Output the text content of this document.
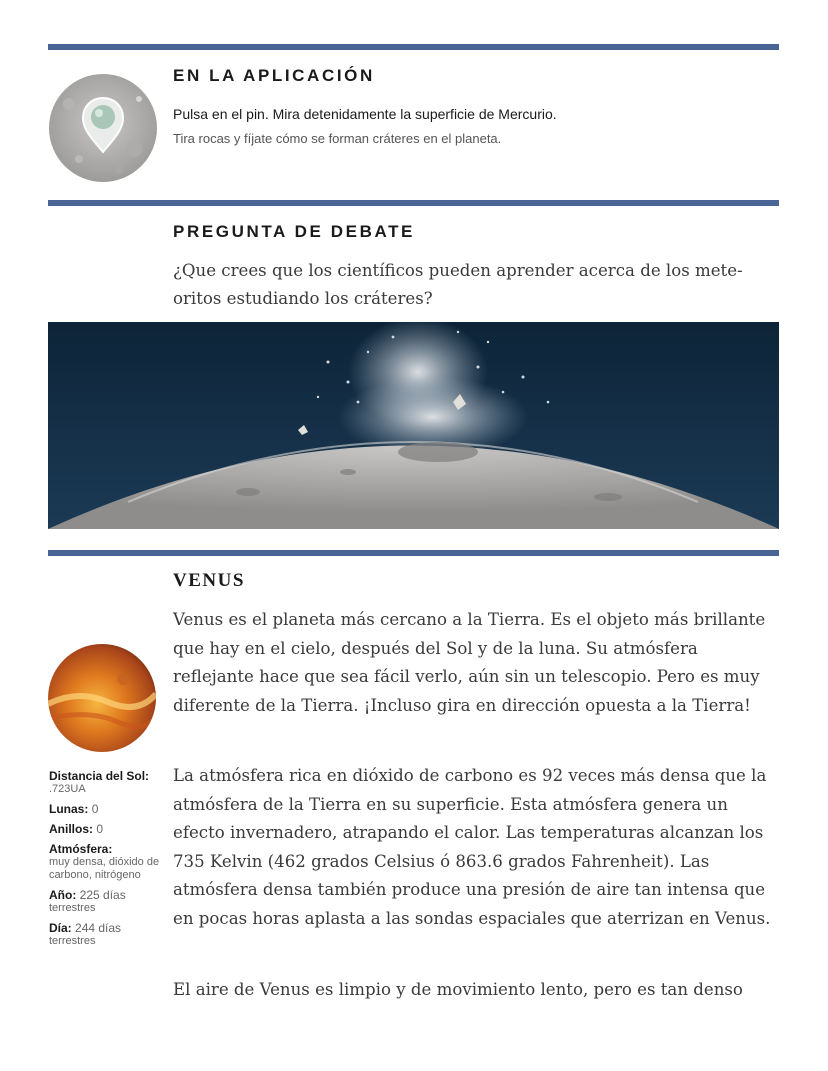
EN LA APLICACIÓN
Pulsa en el pin. Mira detenidamente la superficie de Mercurio.
Tira rocas y fíjate cómo se forman cráteres en el planeta.
PREGUNTA DE DEBATE

¿Que crees que los científicos pueden aprender acerca de los mete-

oritos estudiando los cráteres?

VENUS

Venus es el planeta más cercano a la Tierra. Es el objeto más brillante que hay en el cielo, después del Sol y de la luna. Su atmósfera reflejante hace que sea fácil verlo, aún sin un telescopio. Pero es muy diferente de la Tierra. ¡Incluso gira en dirección opuesta a la Tierra!

La atmósfera rica en dióxido de carbono es 92 veces más densa que la atmósfera de la Tierra en su superficie. Esta atmósfera genera un efecto invernadero, atrapando el calor. Las temperaturas alcanzan los 735 Kelvin (462 grados Celsius ó 863.6 grados Fahrenheit). Las atmósfera densa también produce una presión de aire tan intensa que en pocas horas aplasta a las sondas espaciales que aterrizan en Venus.

El aire de Venus es limpio y de movimiento lento, pero es tan denso

Distancia del Sol:
.723UA
Lunas: 0
Anillos: 0
Atmósfera:
muy densa, dióxido de carbono, nitrógeno
Año: 225 días
terrestres
Día: 244 días
terrestres
